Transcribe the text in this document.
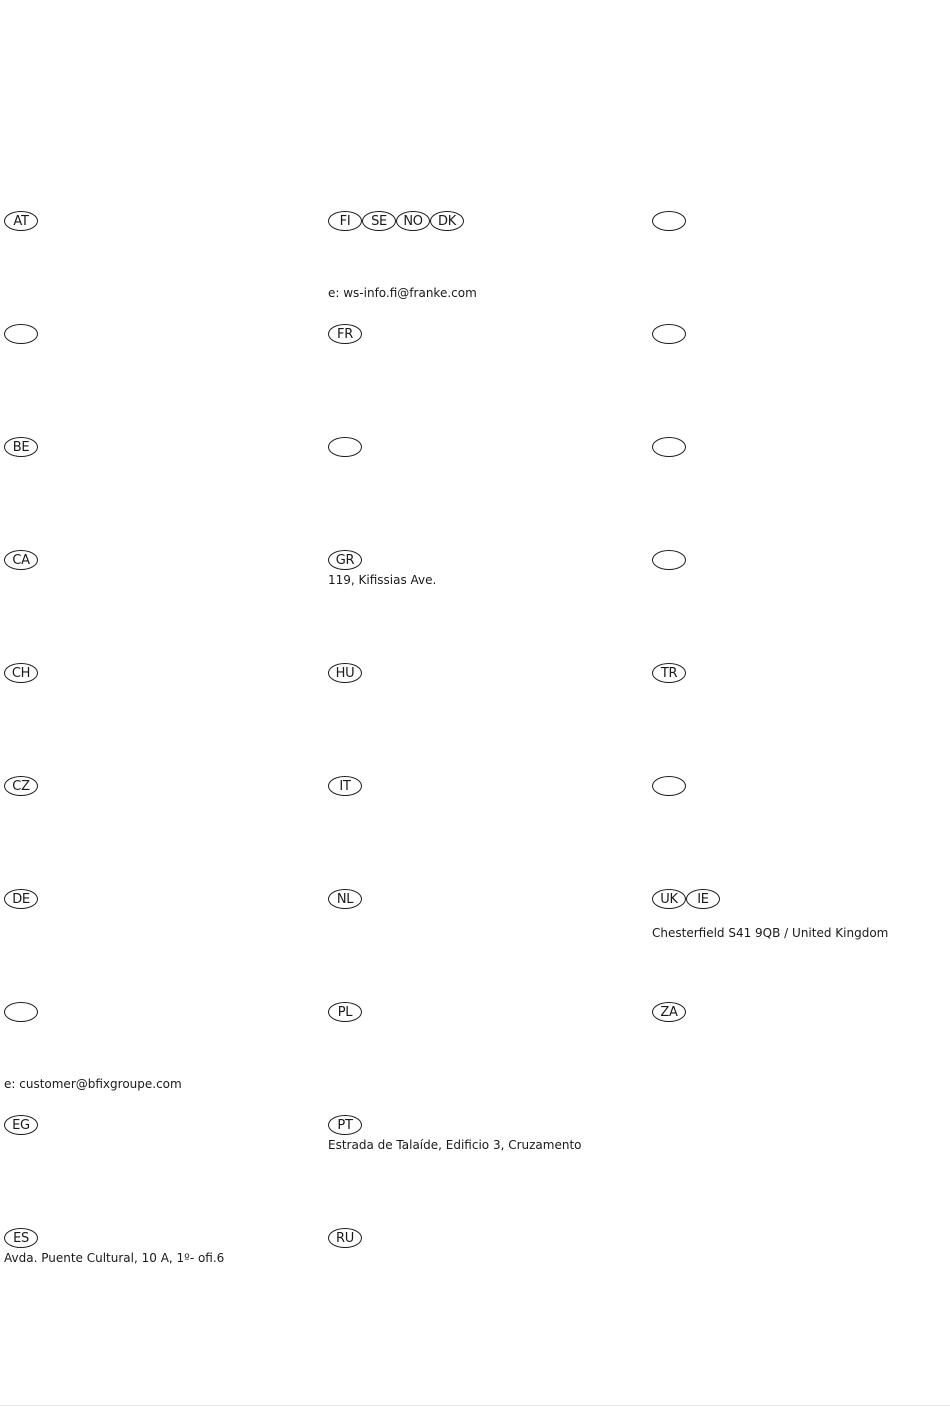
AT
BE
CA
CH
CZ
DE
e: customer@bfixgroupe.com
EG
ES
Avda. Puente Cultural, 10 A, 1º- ofi.6
FI	SE	NO	DK
e: ws-info.fi@franke.com
FR
GR
119, Kifissias Ave.
HU
IT
NL
PL
PT
Estrada de Talaíde, Edificio 3, Cruzamento
RU
TR
UK	IE
Chesterfield S41 9QB / United Kingdom
ZA
